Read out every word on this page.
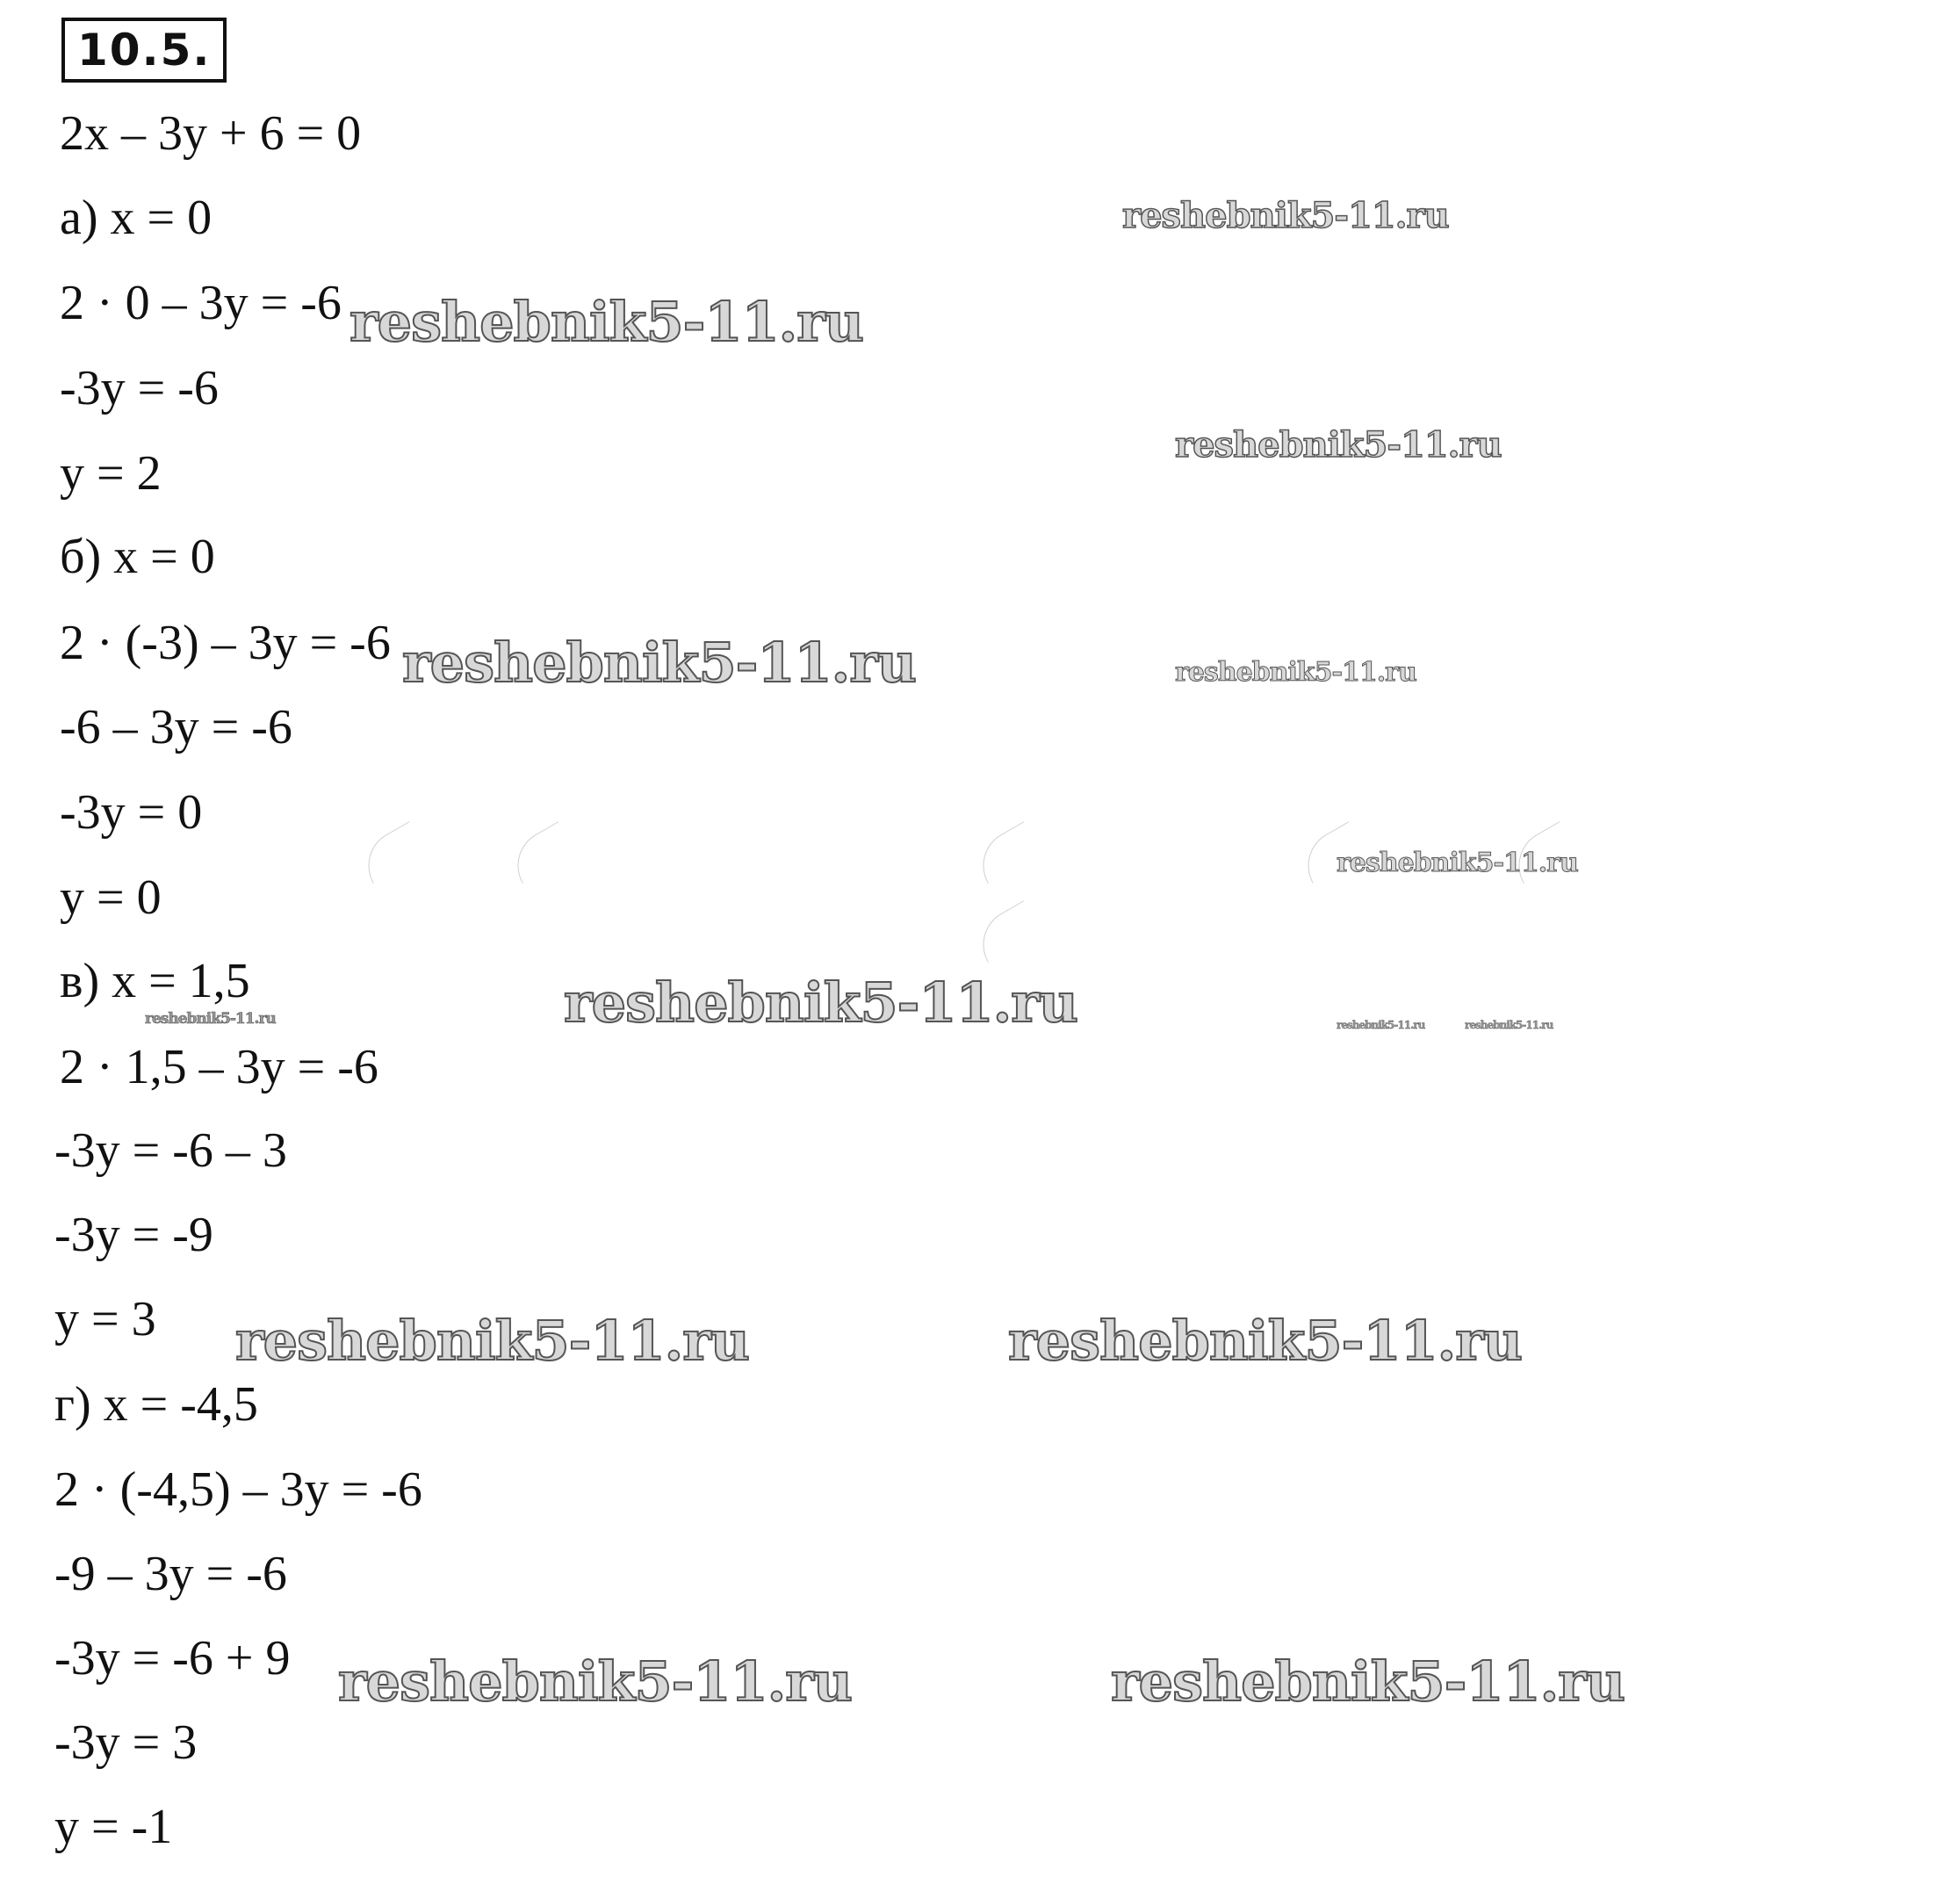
10.5.
2x – 3y + 6 = 0
а) x = 0
2 · 0 – 3y = -6
-3y = -6
y = 2
б) x = 0
2 · (-3) – 3y = -6
-6 – 3y = -6
-3y = 0
y = 0
в) x = 1,5
2 · 1,5 – 3y = -6
-3y = -6 – 3
-3y = -9
y = 3
г) x = -4,5
2 · (-4,5) – 3y = -6
-9 – 3y = -6
-3y = -6 + 9
-3y = 3
y = -1
reshebnik5-11.ru
reshebnik5-11.ru
reshebnik5-11.ru
reshebnik5-11.ru	reshebnik5-11.ru
reshebnik5-11.ru
reshebnik5-11.ru
reshebnik5-11.ru	reshebnik5-11.ru	reshebnik5-11.ru
reshebnik5-11.ru	reshebnik5-11.ru
reshebnik5-11.ru	reshebnik5-11.ru
